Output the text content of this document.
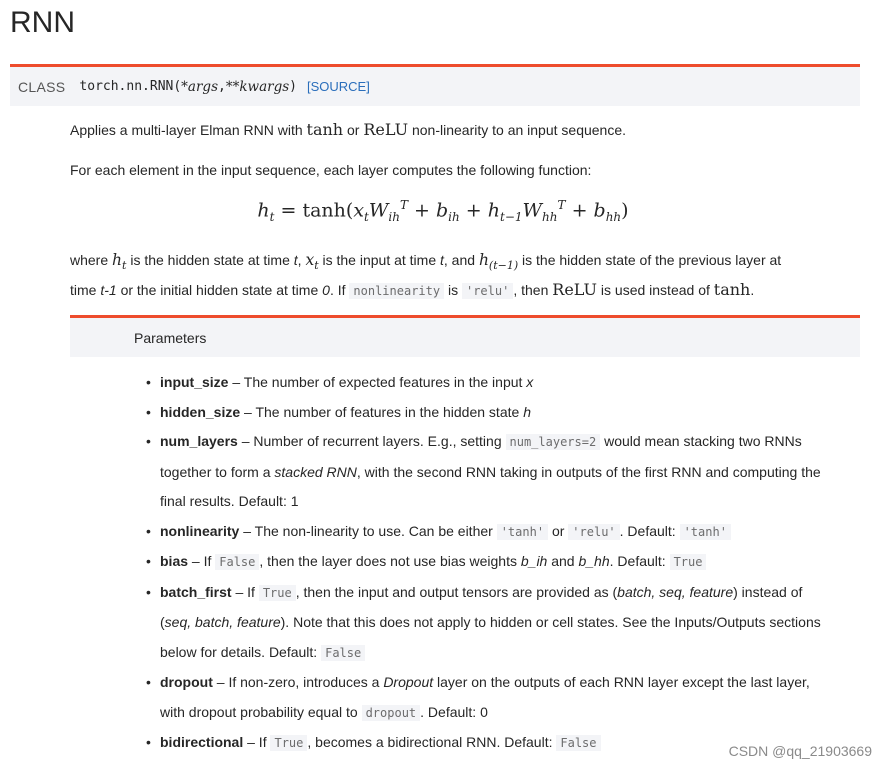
RNN
CLASS torch.nn.RNN( *args , **kwargs ) [SOURCE]
Applies a multi-layer Elman RNN with tanh or ReLU non-linearity to an input sequence.
For each element in the input sequence, each layer computes the following function:
$h_t = \tanh(x_tW_{ih}^T + b_{ih} + h_{t-1}W_{hh}^T + b_{hh})$
where $h_t$ is the hidden state at time t, $x_t$ is the input at time t, and $h_{(t-1)}$ is the hidden state of the previous layer at
time t-1 or the initial hidden state at time 0. If nonlinearity is 'relu' , then ReLU is used instead of tanh.
Parameters
• input_size – The number of expected features in the input x
• hidden_size – The number of features in the hidden state h
• num_layers – Number of recurrent layers. E.g., setting num_layers=2 would mean stacking two RNNs
together to form a stacked RNN, with the second RNN taking in outputs of the first RNN and computing the
final results. Default: 1
• nonlinearity – The non-linearity to use. Can be either 'tanh' or 'relu' . Default: 'tanh'
• bias – If False , then the layer does not use bias weights b_ih and b_hh. Default: True
• batch_first – If True , then the input and output tensors are provided as (batch, seq, feature) instead of
(seq, batch, feature). Note that this does not apply to hidden or cell states. See the Inputs/Outputs sections
below for details. Default: False
• dropout – If non-zero, introduces a Dropout layer on the outputs of each RNN layer except the last layer,
with dropout probability equal to dropout . Default: 0
• bidirectional – If True , becomes a bidirectional RNN. Default: False	CSDN @qq_21903669
